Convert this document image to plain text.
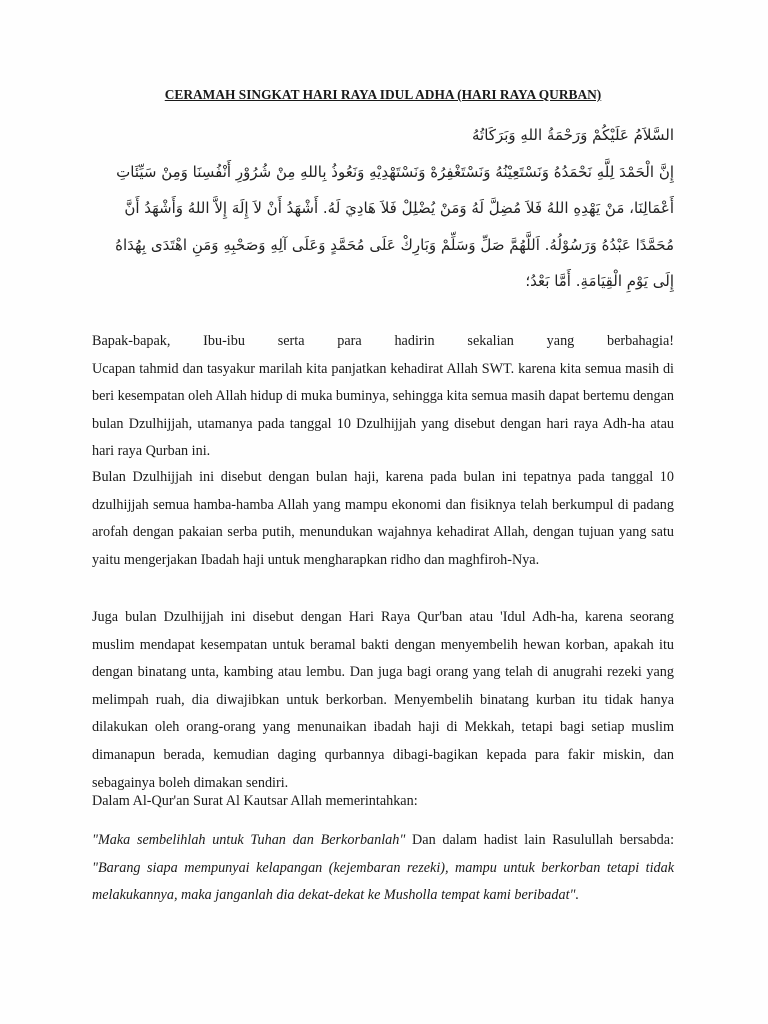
CERAMAH SINGKAT HARI RAYA IDUL ADHA (HARI RAYA QURBAN)
السَّلاَمُ عَلَيْكُمْ وَرَحْمَةُ اللهِ وَبَرَكَاتُهُ
إِنَّ الْحَمْدَ لِلَّهِ نَحْمَدُهُ وَنَسْتَعِيْنُهُ وَنَسْتَغْفِرُهْ وَنَسْتَهْدِيْهِ وَنَعُوذُ بِاللهِ مِنْ شُرُوْرِ أَنْفُسِنَا وَمِنْ سَيِّئَاتِ
أَعْمَالِنَا، مَنْ يَهْدِهِ اللهُ فَلاَ مُضِلَّ لَهُ وَمَنْ يُضْلِلْ فَلاَ هَادِيَ لَهُ. أَشْهَدُ أَنْ لاَ إِلَهَ إِلاَّ اللهُ وَأَشْهَدُ أَنَّ
مُحَمَّدًا عَبْدُهُ وَرَسُوْلُهُ. اَللَّهُمَّ صَلِّ وَسَلِّمْ وَبَارِكْ عَلَى مُحَمَّدٍ وَعَلَى آلِهِ وَصَحْبِهِ وَمَنِ اهْتَدَى بِهُدَاهُ
إِلَى يَوْمِ الْقِيَامَةِ. أَمَّا بَعْدُ؛
Bapak-bapak, Ibu-ibu serta para hadirin sekalian yang berbahagia!
Ucapan tahmid dan tasyakur marilah kita panjatkan kehadirat Allah SWT. karena kita semua masih di beri kesempatan oleh Allah hidup di muka buminya, sehingga kita semua masih dapat bertemu dengan bulan Dzulhijjah, utamanya pada tanggal 10 Dzulhijjah yang disebut dengan hari raya Adh-ha atau hari raya Qurban ini.
Bulan Dzulhijjah ini disebut dengan bulan haji, karena pada bulan ini tepatnya pada tanggal 10 dzulhijjah semua hamba-hamba Allah yang mampu ekonomi dan fisiknya telah berkumpul di padang arofah dengan pakaian serba putih, menundukan wajahnya kehadirat Allah, dengan tujuan yang satu yaitu mengerjakan Ibadah haji untuk mengharapkan ridho dan maghfiroh-Nya.
Juga bulan Dzulhijjah ini disebut dengan Hari Raya Qur'ban atau 'Idul Adh-ha, karena seorang muslim mendapat kesempatan untuk beramal bakti dengan menyembelih hewan korban, apakah itu dengan binatang unta, kambing atau lembu. Dan juga bagi orang yang telah di anugrahi rezeki yang melimpah ruah, dia diwajibkan untuk berkorban. Menyembelih binatang kurban itu tidak hanya dilakukan oleh orang-orang yang menunaikan ibadah haji di Mekkah, tetapi bagi setiap muslim dimanapun berada, kemudian daging qurbannya dibagi-bagikan kepada para fakir miskin, dan sebagainya boleh dimakan sendiri.
Dalam Al-Qur'an Surat Al Kautsar Allah memerintahkan:
"Maka sembelihlah untuk Tuhan dan Berkorbanlah" Dan dalam hadist lain Rasulullah bersabda: "Barang siapa mempunyai kelapangan (kejembaran rezeki), mampu untuk berkorban tetapi tidak melakukannya, maka janganlah dia dekat-dekat ke Musholla tempat kami beribadat".
